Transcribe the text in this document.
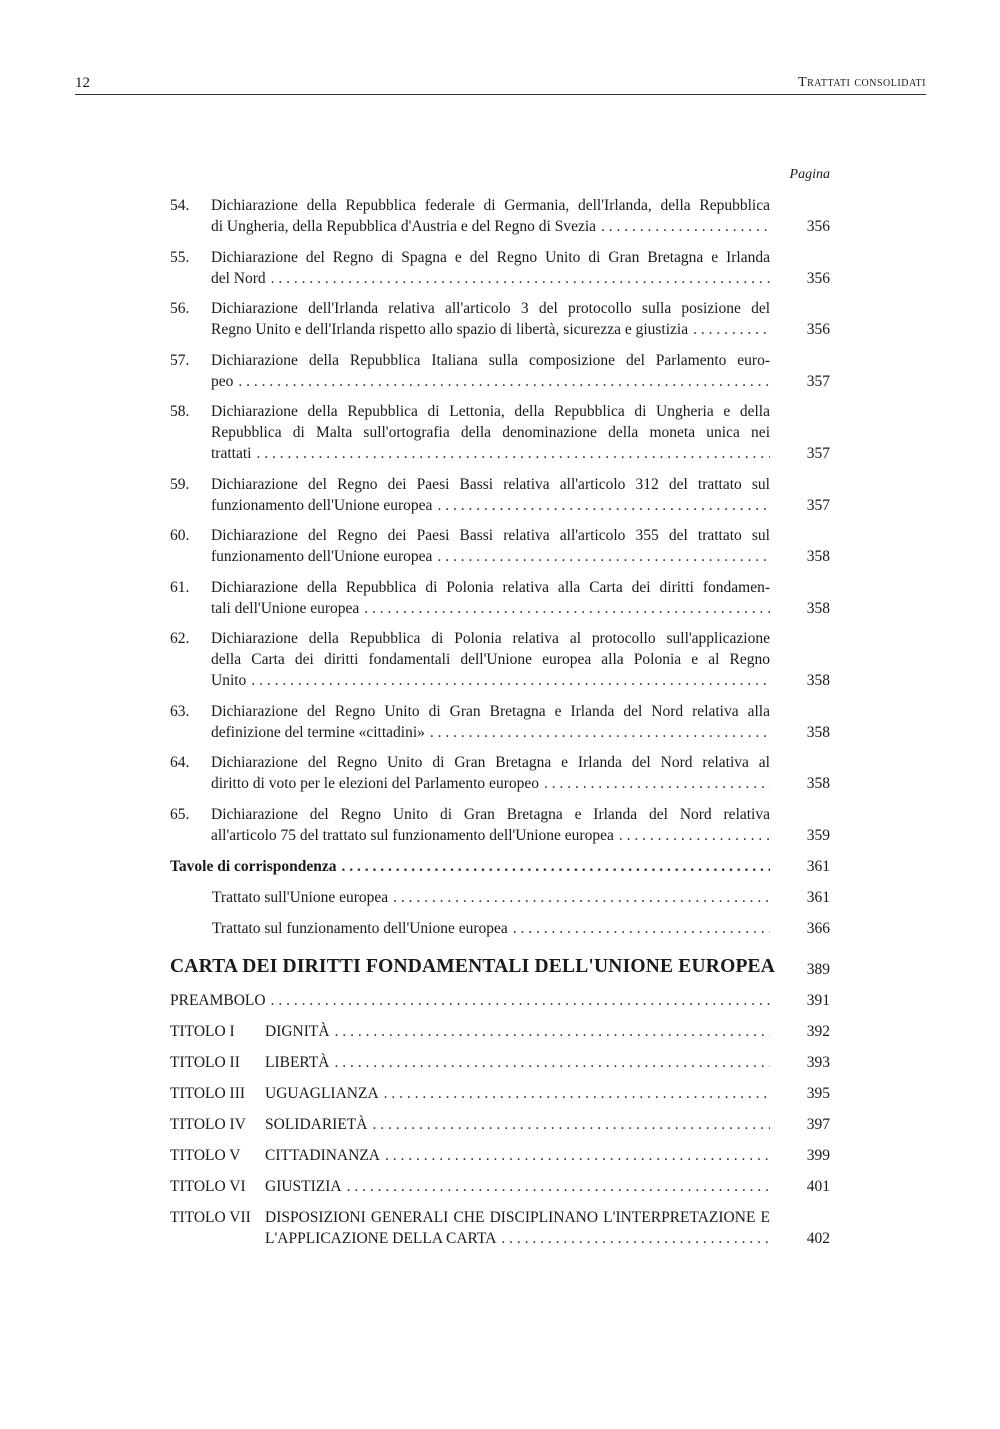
12	Trattati consolidati
Pagina
54.	Dichiarazione della Repubblica federale di Germania, dell'Irlanda, della Repubblica
di Ungheria, della Repubblica d'Austria e del Regno di Svezia . . .	356
55.	Dichiarazione del Regno di Spagna e del Regno Unito di Gran Bretagna e Irlanda
del Nord . . .	356
56.	Dichiarazione dell'Irlanda relativa all'articolo 3 del protocollo sulla posizione del
Regno Unito e dell'Irlanda rispetto allo spazio di libertà, sicurezza e giustizia . . .	356
57.	Dichiarazione della Repubblica Italiana sulla composizione del Parlamento euro-
peo . . .	357
58.	Dichiarazione della Repubblica di Lettonia, della Repubblica di Ungheria e della
Repubblica di Malta sull'ortografia della denominazione della moneta unica nei
trattati . . .	357
59.	Dichiarazione del Regno dei Paesi Bassi relativa all'articolo 312 del trattato sul
funzionamento dell'Unione europea . . .	357
60.	Dichiarazione del Regno dei Paesi Bassi relativa all'articolo 355 del trattato sul
funzionamento dell'Unione europea . . .	358
61.	Dichiarazione della Repubblica di Polonia relativa alla Carta dei diritti fondamen-
tali dell'Unione europea . . .	358
62.	Dichiarazione della Repubblica di Polonia relativa al protocollo sull'applicazione
della Carta dei diritti fondamentali dell'Unione europea alla Polonia e al Regno
Unito . . .	358
63.	Dichiarazione del Regno Unito di Gran Bretagna e Irlanda del Nord relativa alla
definizione del termine «cittadini» . . .	358
64.	Dichiarazione del Regno Unito di Gran Bretagna e Irlanda del Nord relativa al
diritto di voto per le elezioni del Parlamento europeo . . .	358
65.	Dichiarazione del Regno Unito di Gran Bretagna e Irlanda del Nord relativa
all'articolo 75 del trattato sul funzionamento dell'Unione europea . . .	359
Tavole di corrispondenza . . .	361
Trattato sull'Unione europea . . .	361
Trattato sul funzionamento dell'Unione europea . . .	366
CARTA DEI DIRITTI FONDAMENTALI DELL'UNIONE EUROPEA	389
PREAMBOLO . . .	391
TITOLO I	DIGNITÀ . . .	392
TITOLO II	LIBERTÀ . . .	393
TITOLO III	UGUAGLIANZA . . .	395
TITOLO IV	SOLIDARIETÀ . . .	397
TITOLO V	CITTADINANZA . . .	399
TITOLO VI	GIUSTIZIA . . .	401
TITOLO VII DISPOSIZIONI GENERALI CHE DISCIPLINANO L'INTERPRETAZIONE E
L'APPLICAZIONE DELLA CARTA
. . .	402
